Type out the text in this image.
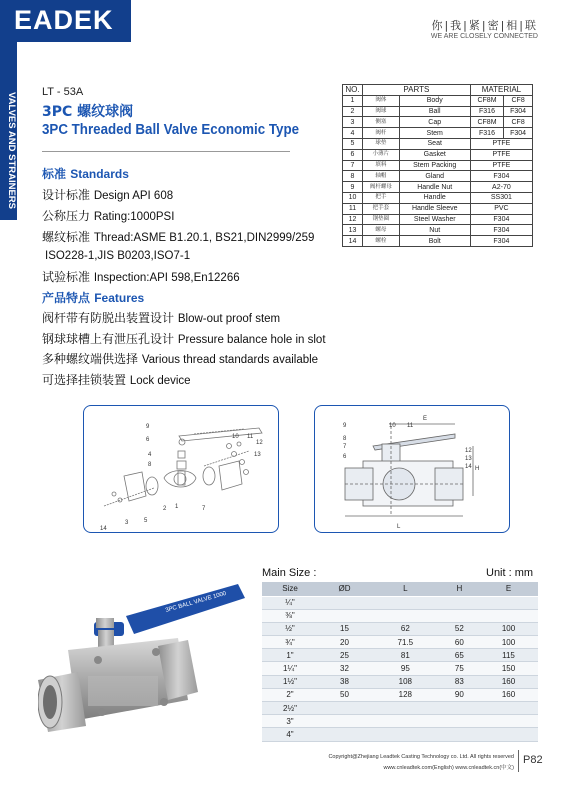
EADEK	你|我|紧|密|相|联
WE ARE CLOSELY CONNECTED
VALVES AND STRAINERS LT - 53A
3PC 螺纹球阀
3PC Threaded Ball Valve Economic Type
标准 Standards
设计标准 Design API 608
公称压力 Rating:1000PSI
螺纹标准 Thread:ASME B1.20.1, BS21,DIN2999/259
ISO228-1,JIS B0203,ISO7-1
试验标准 Inspection:API 598,En12266
产品特点 Features
阀杆带有防脱出装置设计 Blow-out proof stem
钢球球槽上有泄压孔设计 Pressure balance hole in slot
多种螺纹端供选择 Various thread standards available
可选择挂锁装置 Lock device
NO.	PARTS		MATERIAL	
1	阀体	Body	CF8M	CF8
2	阀球	Ball	F316	F304
3	侧塞	Cap	CF8M	CF8
4	阀杆	Stem	F316	F304
5	球垫	Seat	PTFE	
6	小薄片	Gasket	PTFE	
7	填料	Stem Packing	PTFE	
8	轴帽	Gland	F304	
9	阀杆螺母	Handle Nut	A2-70	
10	把手	Handle	SS301	
11	把手套	Handle Sleeve	PVC	
12	钢垫圈	Steel Washer	F304	
13	螺母	Nut	F304	
14	螺栓	Bolt	F304	
9
6
4
8
10 11
12
13
14
3	5
2 1	7
9	10 11
E
8
7
6
12
13
14 H
L
3PC BALL VALVE 1000
Main Size :	Unit : mm
Size	ØD	L	H	E
¼"				
⅜"				
½"	15	62	52	100
¾"	20	71.5	60	100
1"	25	81	65	115
1¼"	32	95	75	150
1½"	38	108	83	160
2"	50	128	90	160
2½"				
3"				
4"				
Copyright@Zhejiang Leadtek Casting Technology co. Ltd. All rights reserved
www.cnleadtek.com(English) www.cnleadtek.cn(中文)
P82
